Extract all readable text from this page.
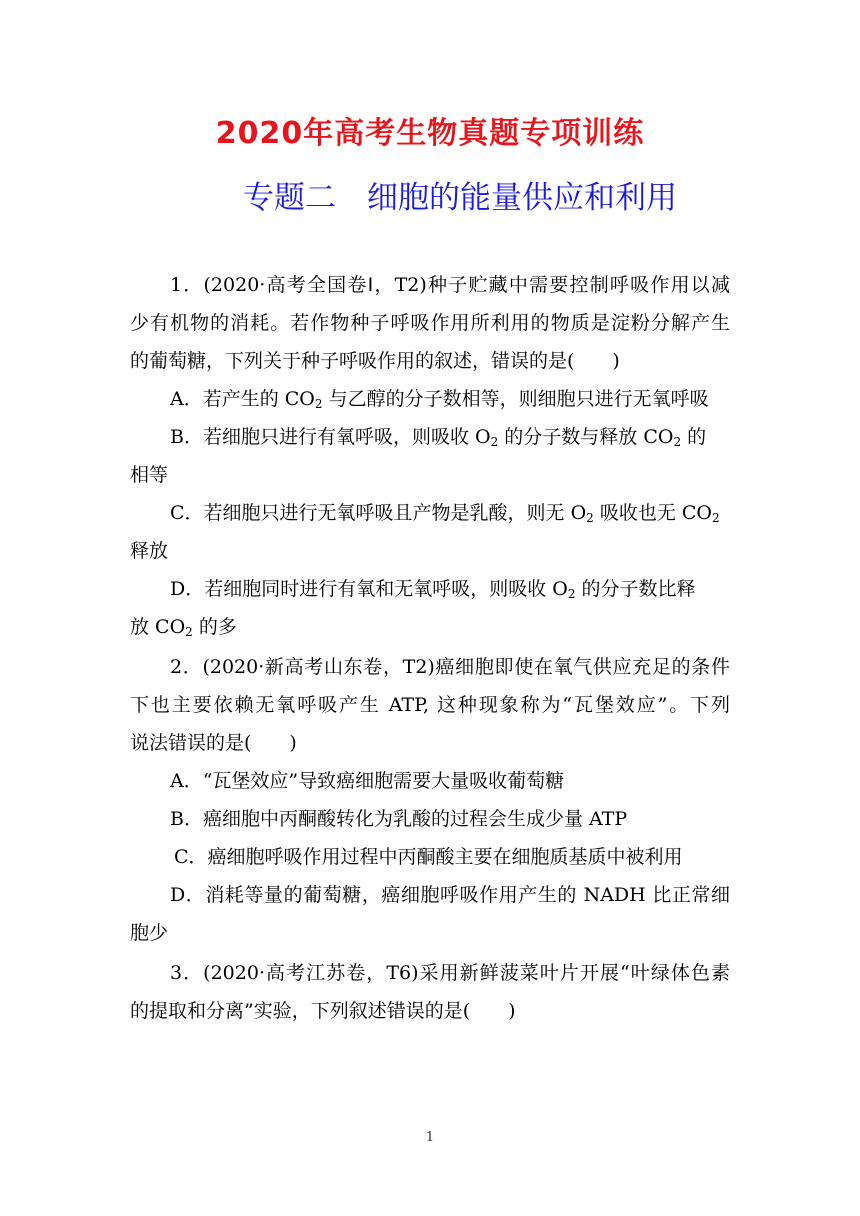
2020年高考生物真题专项训练
专题二　细胞的能量供应和利用
1．(2020·高考全国卷Ⅰ，T2)种子贮藏中需要控制呼吸作用以减
少有机物的消耗。若作物种子呼吸作用所利用的物质是淀粉分解产生
的葡萄糖，下列关于种子呼吸作用的叙述，错误的是(　　)
A．若产生的 $CO_2$ 与乙醇的分子数相等，则细胞只进行无氧呼吸
B．若细胞只进行有氧呼吸，则吸收 $O_2$ 的分子数与释放 $CO_2$ 的
相等
C．若细胞只进行无氧呼吸且产物是乳酸，则无 $O_2$ 吸收也无 $CO_2$
释放
D．若细胞同时进行有氧和无氧呼吸，则吸收 $O_2$ 的分子数比释
放 $CO_2$ 的多
2．(2020·新高考山东卷，T2)癌细胞即使在氧气供应充足的条件
下也主要依赖无氧呼吸产生 ATP, 这种现象称为“瓦堡效应”。下列
说法错误的是(　　)
A．“瓦堡效应”导致癌细胞需要大量吸收葡萄糖
B．癌细胞中丙酮酸转化为乳酸的过程会生成少量 ATP
C．癌细胞呼吸作用过程中丙酮酸主要在细胞质基质中被利用
D．消耗等量的葡萄糖，癌细胞呼吸作用产生的 NADH 比正常细
胞少
3．(2020·高考江苏卷，T6)采用新鲜菠菜叶片开展“叶绿体色素
的提取和分离”实验，下列叙述错误的是(　　)
1
